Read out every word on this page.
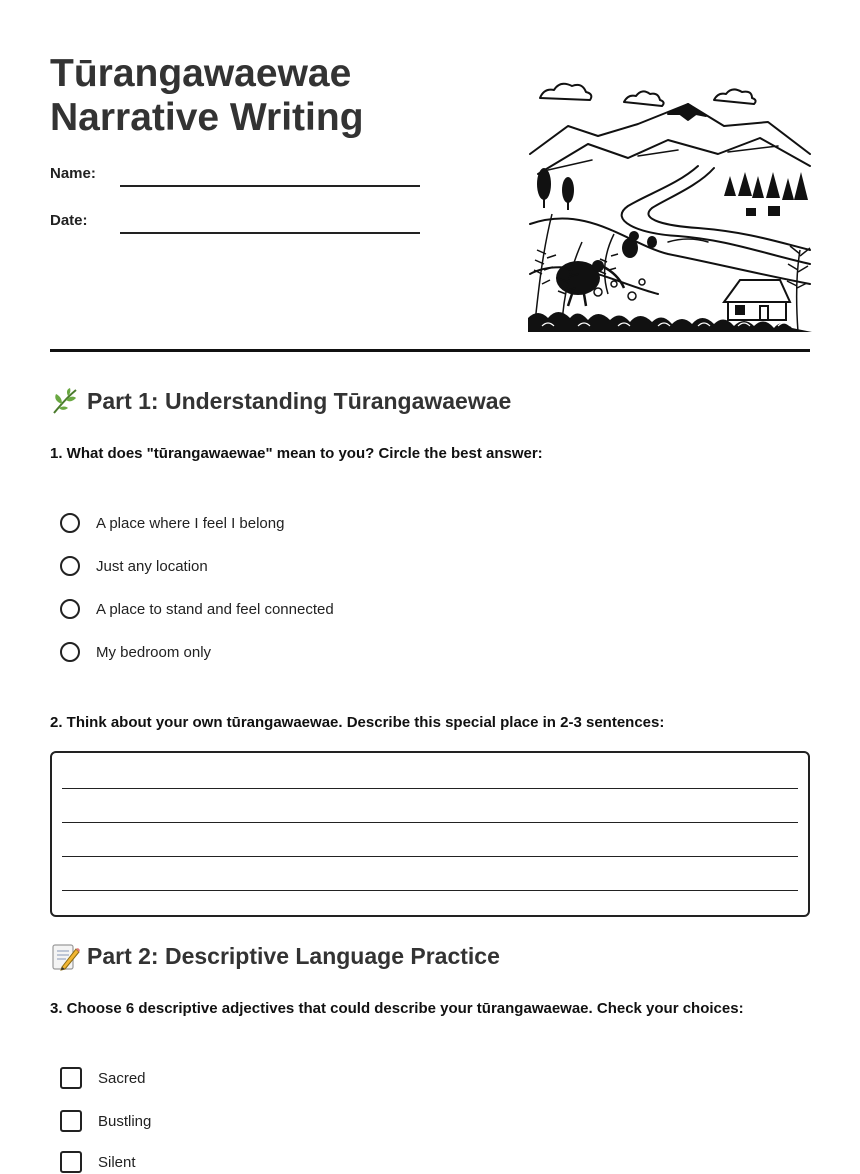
Tūrangawaewae
Narrative Writing
Name:
Date:
Part 1: Understanding Tūrangawaewae
1. What does "tūrangawaewae" mean to you? Circle the best answer:
A place where I feel I belong
Just any location
A place to stand and feel connected
My bedroom only
2. Think about your own tūrangawaewae. Describe this special place in 2-3 sentences:
Part 2: Descriptive Language Practice
3. Choose 6 descriptive adjectives that could describe your tūrangawaewae. Check your choices:
Sacred
Bustling
Silent
